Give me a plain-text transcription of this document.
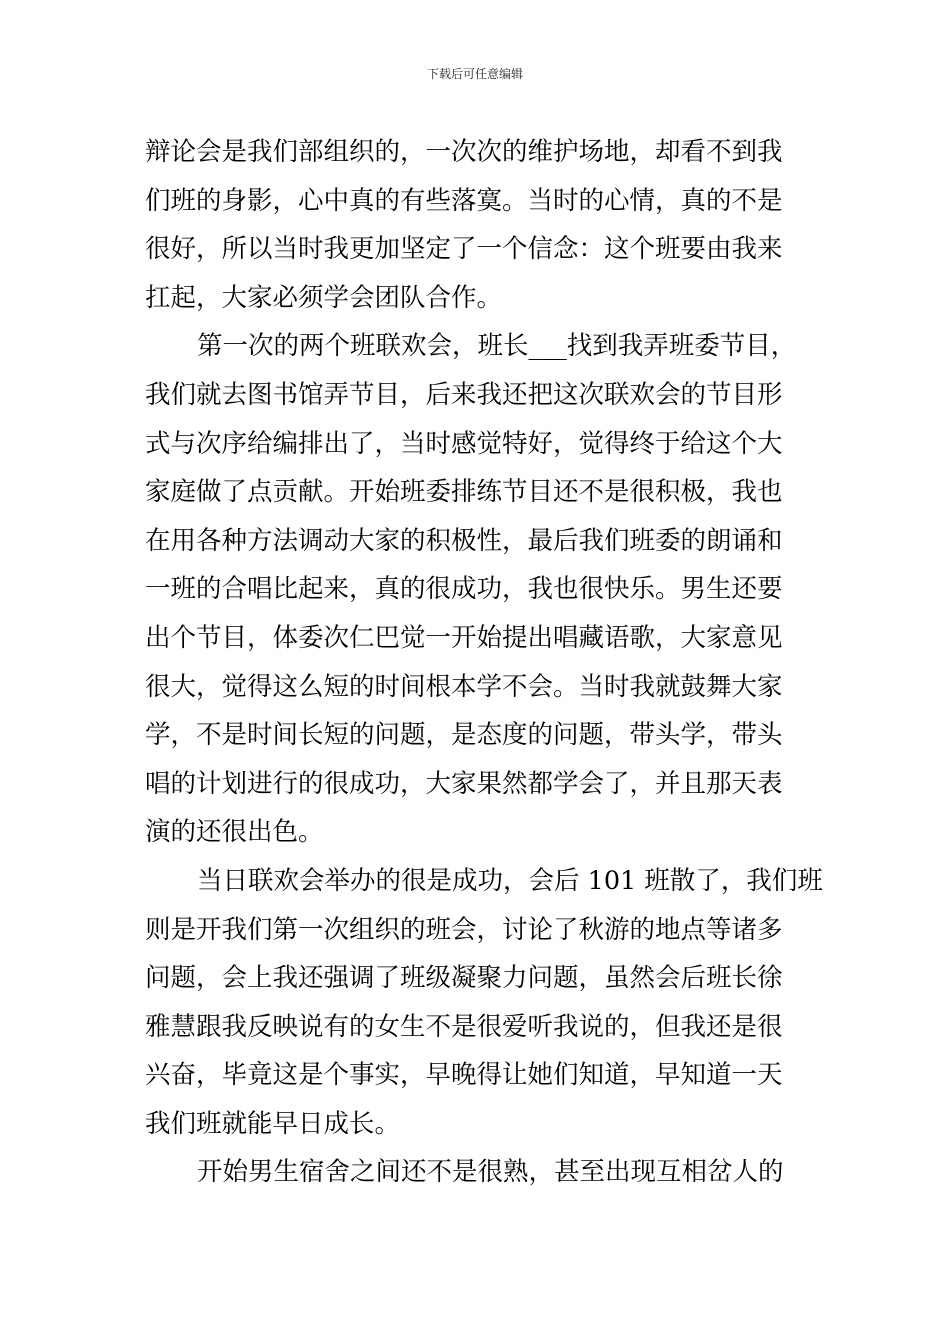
下载后可任意编辑
辩论会是我们部组织的，一次次的维护场地，却看不到我
们班的身影，心中真的有些落寞。当时的心情，真的不是
很好，所以当时我更加坚定了一个信念：这个班要由我来
扛起，大家必须学会团队合作。
第一次的两个班联欢会，班长___找到我弄班委节目，
我们就去图书馆弄节目，后来我还把这次联欢会的节目形
式与次序给编排出了，当时感觉特好，觉得终于给这个大
家庭做了点贡献。开始班委排练节目还不是很积极，我也
在用各种方法调动大家的积极性，最后我们班委的朗诵和
一班的合唱比起来，真的很成功，我也很快乐。男生还要
出个节目，体委次仁巴觉一开始提出唱藏语歌，大家意见
很大，觉得这么短的时间根本学不会。当时我就鼓舞大家
学，不是时间长短的问题，是态度的问题，带头学，带头
唱的计划进行的很成功，大家果然都学会了，并且那天表
演的还很出色。
当日联欢会举办的很是成功，会后 101 班散了，我们班
则是开我们第一次组织的班会，讨论了秋游的地点等诸多
问题，会上我还强调了班级凝聚力问题，虽然会后班长徐
雅慧跟我反映说有的女生不是很爱听我说的，但我还是很
兴奋，毕竟这是个事实，早晚得让她们知道，早知道一天
我们班就能早日成长。
开始男生宿舍之间还不是很熟，甚至出现互相岔人的
